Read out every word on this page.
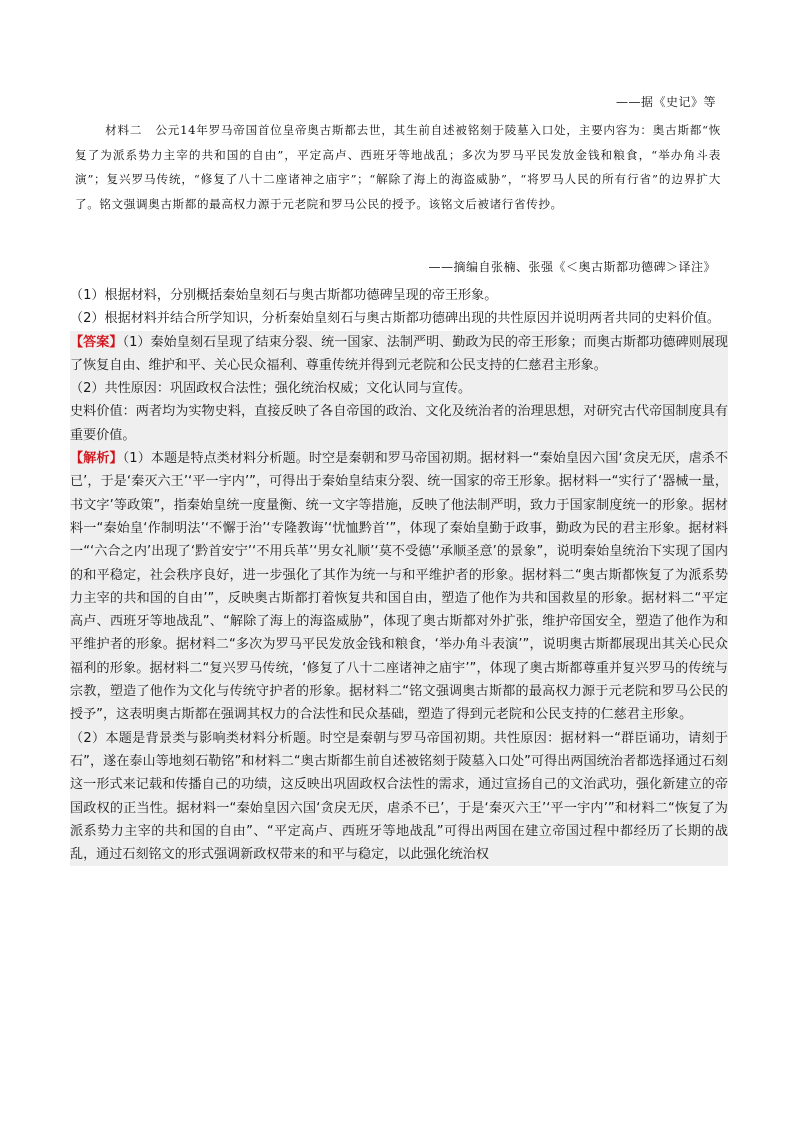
——据《史记》等
材料二 公元14年罗马帝国首位皇帝奥古斯都去世，其生前自述被铭刻于陵墓入口处，主要内容为：奥古斯都“恢复了为派系势力主宰的共和国的自由”，平定高卢、西班牙等地战乱；多次为罗马平民发放金钱和粮食，“举办角斗表演”；复兴罗马传统，“修复了八十二座诸神之庙宇”；“解除了海上的海盗威胁”，“将罗马人民的所有行省”的边界扩大了。铭文强调奥古斯都的最高权力源于元老院和罗马公民的授予。该铭文后被诸行省传抄。
——摘编自张楠、张强《＜奥古斯都功德碑＞译注》

（1）根据材料，分别概括秦始皇刻石与奥古斯都功德碑呈现的帝王形象。

（2）根据材料并结合所学知识，分析秦始皇刻石与奥古斯都功德碑出现的共性原因并说明两者共同的史料价值。

【答案】（1）秦始皇刻石呈现了结束分裂、统一国家、法制严明、勤政为民的帝王形象；而奥古斯都功德碑则展现了恢复自由、维护和平、关心民众福利、尊重传统并得到元老院和公民支持的仁慈君主形象。

（2）共性原因：巩固政权合法性；强化统治权威；文化认同与宣传。

史料价值：两者均为实物史料，直接反映了各自帝国的政治、文化及统治者的治理思想，对研究古代帝国制度具有重要价值。

【解析】（1）本题是特点类材料分析题。时空是秦朝和罗马帝国初期。据材料一“秦始皇因六国‘贪戾无厌，虐杀不已’，于是‘秦灭六王’‘平一宇内’”，可得出于秦始皇结束分裂、统一国家的帝王形象。据材料一“实行了‘器械一量，书文字’等政策”，指秦始皇统一度量衡、统一文字等措施，反映了他法制严明，致力于国家制度统一的形象。据材料一“秦始皇‘作制明法’‘不懈于治’‘专隆教诲’‘忧恤黔首’”，体现了秦始皇勤于政事，勤政为民的君主形象。据材料一“‘六合之内’出现了‘黔首安宁’‘不用兵革’‘男女礼顺’‘莫不受德’‘承顺圣意’的景象”，说明秦始皇统治下实现了国内的和平稳定，社会秩序良好，进一步强化了其作为统一与和平维护者的形象。据材料二“奥古斯都恢复了为派系势力主宰的共和国的自由’”，反映奥古斯都打着恢复共和国自由，塑造了他作为共和国救星的形象。据材料二“平定高卢、西班牙等地战乱”、“解除了海上的海盗威胁”，体现了奥古斯都对外扩张，维护帝国安全，塑造了他作为和平维护者的形象。据材料二“多次为罗马平民发放金钱和粮食，‘举办角斗表演’”，说明奥古斯都展现出其关心民众福利的形象。据材料二“复兴罗马传统，‘修复了八十二座诸神之庙宇’”，体现了奥古斯都尊重并复兴罗马的传统与宗教，塑造了他作为文化与传统守护者的形象。据材料二“铭文强调奥古斯都的最高权力源于元老院和罗马公民的授予”，这表明奥古斯都在强调其权力的合法性和民众基础，塑造了得到元老院和公民支持的仁慈君主形象。

（2）本题是背景类与影响类材料分析题。时空是秦朝与罗马帝国初期。共性原因：据材料一“群臣诵功，请刻于石”，遂在泰山等地刻石勒铭”和材料二“奥古斯都生前自述被铭刻于陵墓入口处”可得出两国统治者都选择通过石刻这一形式来记载和传播自己的功绩，这反映出巩固政权合法性的需求，通过宣扬自己的文治武功，强化新建立的帝国政权的正当性。据材料一“秦始皇因六国‘贪戾无厌，虐杀不已’，于是‘秦灭六王’‘平一宇内’”和材料二“恢复了为派系势力主宰的共和国的自由”、“平定高卢、西班牙等地战乱”可得出两国在建立帝国过程中都经历了长期的战乱，通过石刻铭文的形式强调新政权带来的和平与稳定，以此强化统治权
